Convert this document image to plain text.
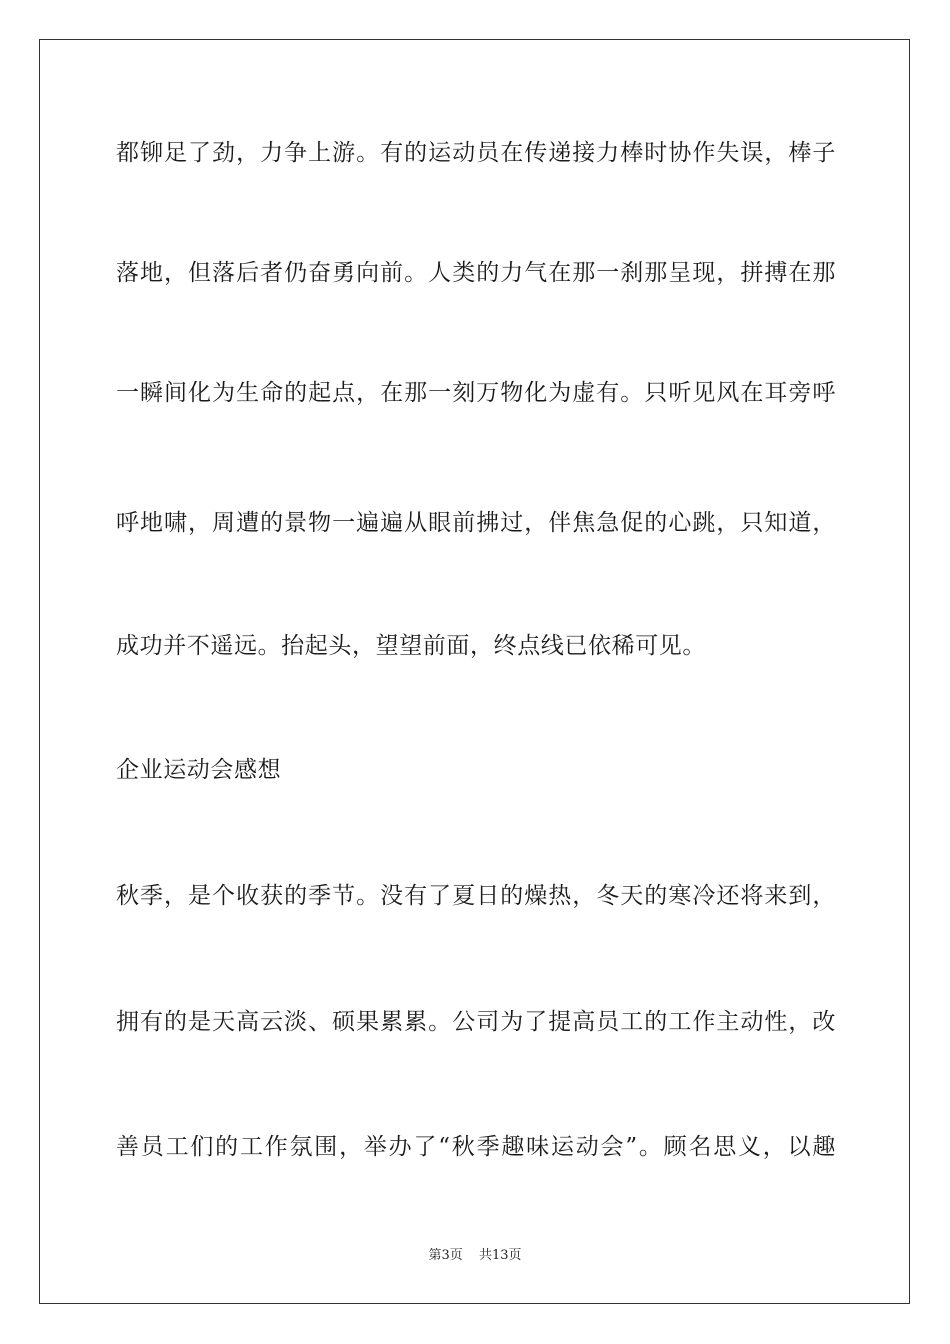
都铆足了劲，力争上游。有的运动员在传递接力棒时协作失误，棒子
落地，但落后者仍奋勇向前。人类的力气在那一刹那呈现，拼搏在那
一瞬间化为生命的起点，在那一刻万物化为虚有。只听见风在耳旁呼
呼地啸，周遭的景物一遍遍从眼前拂过，伴焦急促的心跳，只知道，
成功并不遥远。抬起头，望望前面，终点线已依稀可见。
企业运动会感想
秋季，是个收获的季节。没有了夏日的燥热，冬天的寒冷还将来到，
拥有的是天高云淡、硕果累累。公司为了提高员工的工作主动性，改
善员工们的工作氛围，举办了“秋季趣味运动会”。顾名思义，以趣
第3页 共13页
